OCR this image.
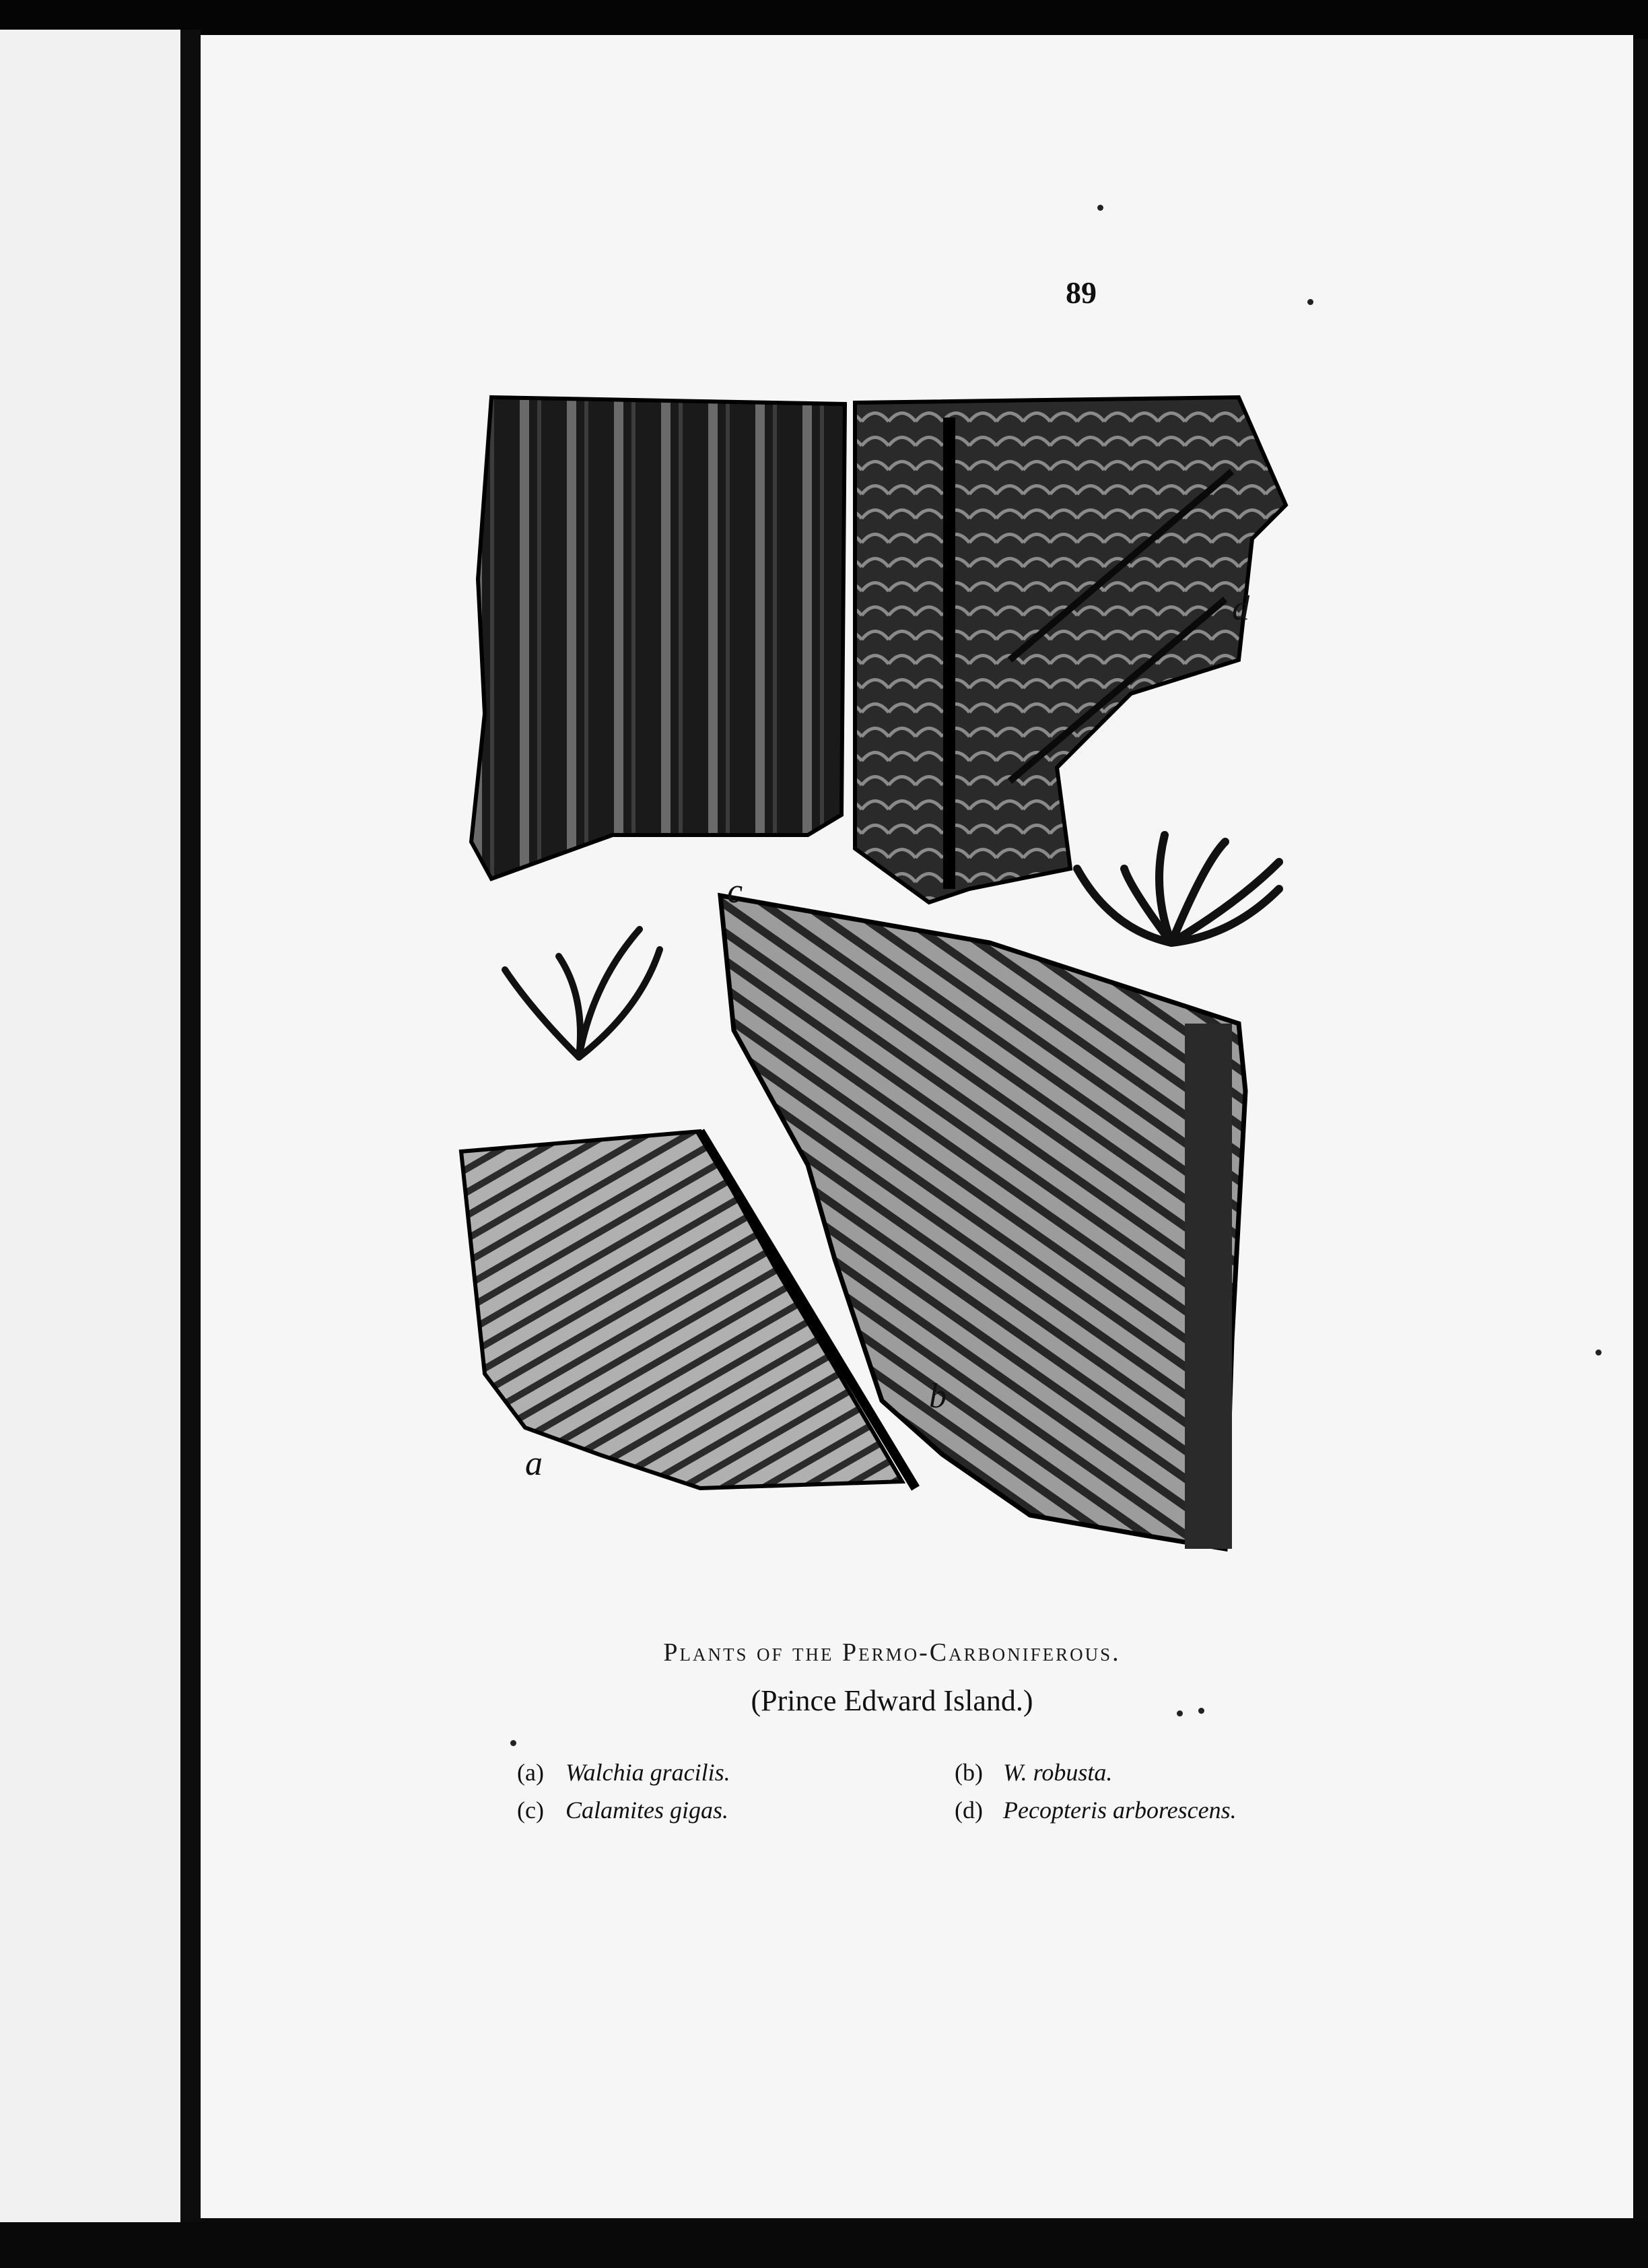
89
c
d
b
a
Plants of the Permo-Carboniferous.
(Prince Edward Island.)
(a) Walchia gracilis.
(c) Calamites gigas.
(b) W. robusta.
(d) Pecopteris arborescens.
